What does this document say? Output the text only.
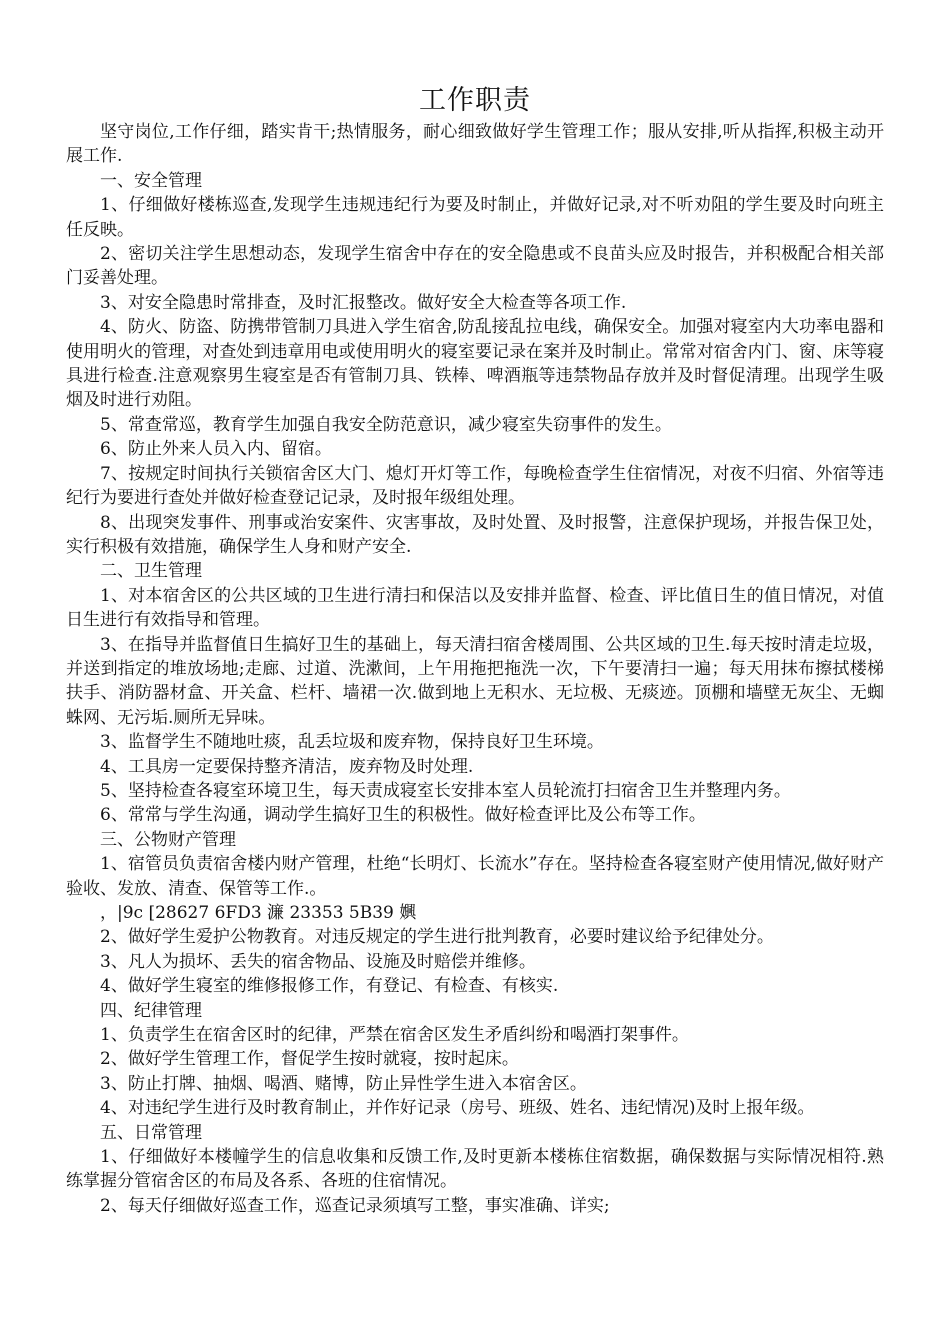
工作职责

坚守岗位,工作仔细，踏实肯干;热情服务，耐心细致做好学生管理工作；服从安排,听从指挥,积极主动开展工作.

一、安全管理

1、仔细做好楼栋巡查,发现学生违规违纪行为要及时制止，并做好记录,对不听劝阻的学生要及时向班主任反映。

2、密切关注学生思想动态，发现学生宿舍中存在的安全隐患或不良苗头应及时报告，并积极配合相关部门妥善处理。

3、对安全隐患时常排查，及时汇报整改。做好安全大检查等各项工作.

4、防火、防盗、防携带管制刀具进入学生宿舍,防乱接乱拉电线，确保安全。加强对寝室内大功率电器和使用明火的管理，对查处到违章用电或使用明火的寝室要记录在案并及时制止。常常对宿舍内门、窗、床等寝具进行检查.注意观察男生寝室是否有管制刀具、铁棒、啤酒瓶等违禁物品存放并及时督促清理。出现学生吸烟及时进行劝阻。

5、常查常巡，教育学生加强自我安全防范意识，减少寝室失窃事件的发生。

6、防止外来人员入内、留宿。

7、按规定时间执行关锁宿舍区大门、熄灯开灯等工作，每晚检查学生住宿情况，对夜不归宿、外宿等违纪行为要进行查处并做好检查登记记录，及时报年级组处理。

8、出现突发事件、刑事或治安案件、灾害事故，及时处置、及时报警，注意保护现场，并报告保卫处，实行积极有效措施，确保学生人身和财产安全.

二、卫生管理

1、对本宿舍区的公共区域的卫生进行清扫和保洁以及安排并监督、检查、评比值日生的值日情况，对值日生进行有效指导和管理。

3、在指导并监督值日生搞好卫生的基础上，每天清扫宿舍楼周围、公共区域的卫生.每天按时清走垃圾，并送到指定的堆放场地;走廊、过道、洗漱间，上午用拖把拖洗一次，下午要清扫一遍；每天用抹布擦拭楼梯扶手、消防器材盒、开关盒、栏杆、墙裙一次.做到地上无积水、无垃极、无痰迹。顶棚和墙壁无灰尘、无蜘蛛网、无污垢.厕所无异味。

3、监督学生不随地吐痰，乱丢垃圾和废弃物，保持良好卫生环境。

4、工具房一定要保持整齐清洁，废弃物及时处理.

5、坚持检查各寝室环境卫生，每天责成寝室长安排本室人员轮流打扫宿舍卫生并整理内务。

6、常常与学生沟通，调动学生搞好卫生的积极性。做好检查评比及公布等工作。

三、公物财产管理

1、宿管员负责宿舍楼内财产管理，杜绝“长明灯、长流水”存在。坚持检查各寝室财产使用情况,做好财产验收、发放、清查、保管等工作.。

，|9c [28627 6FD3 濂 23353 5B39 嬹

2、做好学生爱护公物教育。对违反规定的学生进行批判教育，必要时建议给予纪律处分。

3、凡人为损坏、丢失的宿舍物品、设施及时赔偿并维修。

4、做好学生寝室的维修报修工作，有登记、有检查、有核实.

四、纪律管理

1、负责学生在宿舍区时的纪律，严禁在宿舍区发生矛盾纠纷和喝酒打架事件。

2、做好学生管理工作，督促学生按时就寝，按时起床。

3、防止打牌、抽烟、喝酒、赌博，防止异性学生进入本宿舍区。

4、对违纪学生进行及时教育制止，并作好记录（房号、班级、姓名、违纪情况)及时上报年级。

五、日常管理

1、仔细做好本楼幢学生的信息收集和反馈工作,及时更新本楼栋住宿数据，确保数据与实际情况相符.熟练掌握分管宿舍区的布局及各系、各班的住宿情况。

2、每天仔细做好巡查工作，巡查记录须填写工整，事实准确、详实;
